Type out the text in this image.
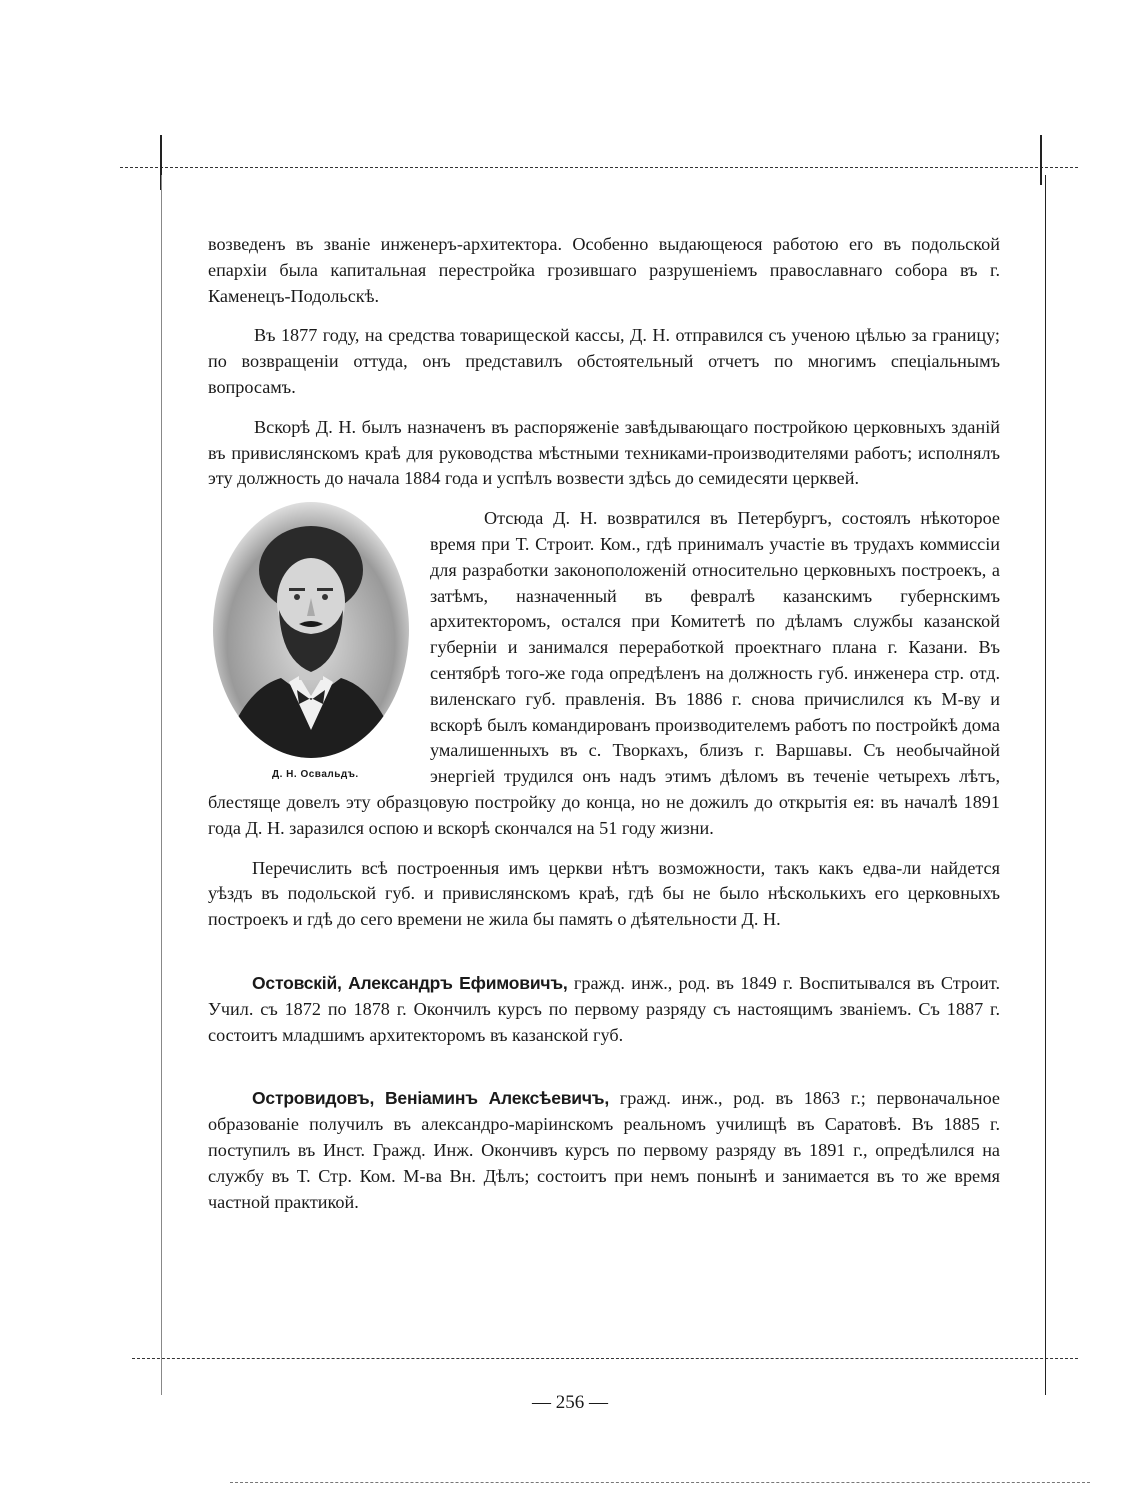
возведенъ въ званіе инженеръ-архитектора. Особенно выдающеюся работою его въ подольской епархіи была капитальная перестройка грозившаго разрушеніемъ православнаго собора въ г. Каменецъ-Подольскѣ.

Въ 1877 году, на средства товарищеской кассы, Д. Н. отправился съ ученою цѣлью за границу; по возвращеніи оттуда, онъ представилъ обстоятельный отчетъ по многимъ спеціальнымъ вопросамъ.

Вскорѣ Д. Н. былъ назначенъ въ распоряженіе завѣдывающаго постройкою церковныхъ зданій въ привислянскомъ краѣ для руководства мѣстными техниками-производителями работъ; исполнялъ эту должность до начала 1884 года и успѣлъ возвести здѣсь до семидесяти церквей.

Д. Н. Освальдъ.

Отсюда Д. Н. возвратился въ Петербургъ, состоялъ нѣкоторое время при Т. Строит. Ком., гдѣ принималъ участіе въ трудахъ коммиссіи для разработки законоположеній относительно церковныхъ построекъ, а затѣмъ, назначенный въ февралѣ казанскимъ губернскимъ архитекторомъ, остался при Комитетѣ по дѣламъ службы казанской губерніи и занимался переработкой проектнаго плана г. Казани. Въ сентябрѣ того-же года опредѣленъ на должность губ. инженера стр. отд. виленскаго губ. правленія. Въ 1886 г. снова причислился къ М-ву и вскорѣ былъ командированъ производителемъ работъ по постройкѣ дома умалишенныхъ въ с. Творкахъ, близъ г. Варшавы. Съ необычайной энергіей трудился онъ надъ этимъ дѣломъ въ теченіе четырехъ лѣтъ, блестяще довелъ эту образцовую постройку до конца, но не дожилъ до открытія ея: въ началѣ 1891 года Д. Н. заразился оспою и вскорѣ скончался на 51 году жизни.

Перечислить всѣ построенныя имъ церкви нѣтъ возможности, такъ какъ едва-ли найдется уѣздъ въ подольской губ. и привислянскомъ краѣ, гдѣ бы не было нѣсколькихъ его церковныхъ построекъ и гдѣ до сего времени не жила бы память о дѣятельности Д. Н.

Остовскій, Александръ Ефимовичъ, гражд. инж., род. въ 1849 г. Воспитывался въ Строит. Учил. съ 1872 по 1878 г. Окончилъ курсъ по первому разряду съ настоящимъ званіемъ. Съ 1887 г. состоитъ младшимъ архитекторомъ въ казанской губ.

Островидовъ, Веніаминъ Алексѣевичъ, гражд. инж., род. въ 1863 г.; первоначальное образованіе получилъ въ александро-маріинскомъ реальномъ училищѣ въ Саратовѣ. Въ 1885 г. поступилъ въ Инст. Гражд. Инж. Окончивъ курсъ по первому разряду въ 1891 г., опредѣлился на службу въ Т. Стр. Ком. М-ва Вн. Дѣлъ; состоитъ при немъ понынѣ и занимается въ то же время частной практикой.

— 256 —
